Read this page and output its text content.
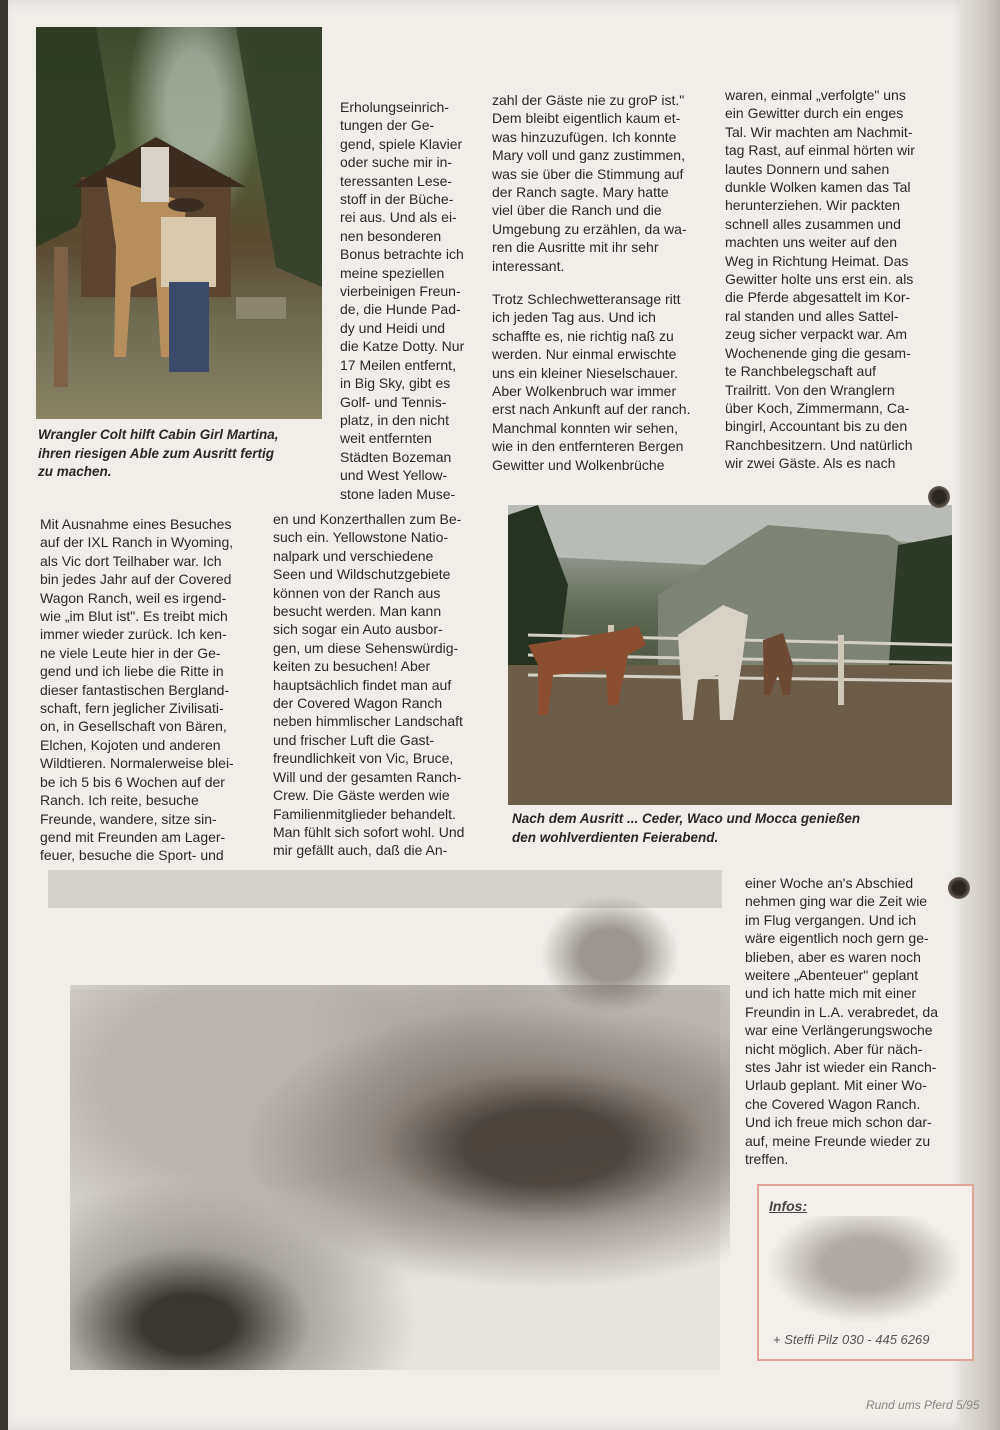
Wrangler Colt hilft Cabin Girl Martina,
ihren riesigen Able zum Ausritt fertig
zu machen.

Erholungseinrich-
tungen der Ge-
gend, spiele Klavier
oder suche mir in-
teressanten Lese-
stoff in der Büche-
rei aus. Und als ei-
nen besonderen
Bonus betrachte ich
meine speziellen
vierbeinigen Freun-
de, die Hunde Pad-
dy und Heidi und
die Katze Dotty. Nur
17 Meilen entfernt,
in Big Sky, gibt es
Golf- und Tennis-
platz, in den nicht
weit entfernten
Städten Bozeman
und West Yellow-
stone laden Muse-

zahl der Gäste nie zu groP ist."
Dem bleibt eigentlich kaum et-
was hinzuzufügen. Ich konnte
Mary voll und ganz zustimmen,
was sie über die Stimmung auf
der Ranch sagte. Mary hatte
viel über die Ranch und die
Umgebung zu erzählen, da wa-
ren die Ausritte mit ihr sehr
interessant.

Trotz Schlechwetteransage ritt
ich jeden Tag aus. Und ich
schaffte es, nie richtig naß zu
werden. Nur einmal erwischte
uns ein kleiner Nieselschauer.
Aber Wolkenbruch war immer
erst nach Ankunft auf der ranch.
Manchmal konnten wir sehen,
wie in den entfernteren Bergen
Gewitter und Wolkenbrüche

waren, einmal „verfolgte" uns
ein Gewitter durch ein enges
Tal. Wir machten am Nachmit-
tag Rast, auf einmal hörten wir
lautes Donnern und sahen
dunkle Wolken kamen das Tal
herunterziehen. Wir packten
schnell alles zusammen und
machten uns weiter auf den
Weg in Richtung Heimat. Das
Gewitter holte uns erst ein. als
die Pferde abgesattelt im Kor-
ral standen und alles Sattel-
zeug sicher verpackt war. Am
Wochenende ging die gesam-
te Ranchbelegschaft auf
Trailritt. Von den Wranglern
über Koch, Zimmermann, Ca-
bingirl, Accountant bis zu den
Ranchbesitzern. Und natürlich
wir zwei Gäste. Als es nach

Mit Ausnahme eines Besuches
auf der IXL Ranch in Wyoming,
als Vic dort Teilhaber war. Ich
bin jedes Jahr auf der Covered
Wagon Ranch, weil es irgend-
wie „im Blut ist". Es treibt mich
immer wieder zurück. Ich ken-
ne viele Leute hier in der Ge-
gend und ich liebe die Ritte in
dieser fantastischen Bergland-
schaft, fern jeglicher Zivilisati-
on, in Gesellschaft von Bären,
Elchen, Kojoten und anderen
Wildtieren. Normalerweise blei-
be ich 5 bis 6 Wochen auf der
Ranch. Ich reite, besuche
Freunde, wandere, sitze sin-
gend mit Freunden am Lager-
feuer, besuche die Sport- und

en und Konzerthallen zum Be-
such ein. Yellowstone Natio-
nalpark und verschiedene
Seen und Wildschutzgebiete
können von der Ranch aus
besucht werden. Man kann
sich sogar ein Auto ausbor-
gen, um diese Sehenswürdig-
keiten zu besuchen! Aber
hauptsächlich findet man auf
der Covered Wagon Ranch
neben himmlischer Landschaft
und frischer Luft die Gast-
freundlichkeit von Vic, Bruce,
Will und der gesamten Ranch-
Crew. Die Gäste werden wie
Familienmitglieder behandelt.
Man fühlt sich sofort wohl. Und
mir gefällt auch, daß die An-

Nach dem Ausritt ... Ceder, Waco und Mocca genießen
den wohlverdienten Feierabend.

einer Woche an's Abschied
nehmen ging war die Zeit wie
im Flug vergangen. Und ich
wäre eigentlich noch gern ge-
blieben, aber es waren noch
weitere „Abenteuer" geplant
und ich hatte mich mit einer
Freundin in L.A. verabredet, da
war eine Verlängerungswoche
nicht möglich. Aber für näch-
stes Jahr ist wieder ein Ranch-
Urlaub geplant. Mit einer Wo-
che Covered Wagon Ranch.
Und ich freue mich schon dar-
auf, meine Freunde wieder zu
treffen.

Infos:
+ Steffi Pilz 030 - 445 6269
Rund ums Pferd 5/95
